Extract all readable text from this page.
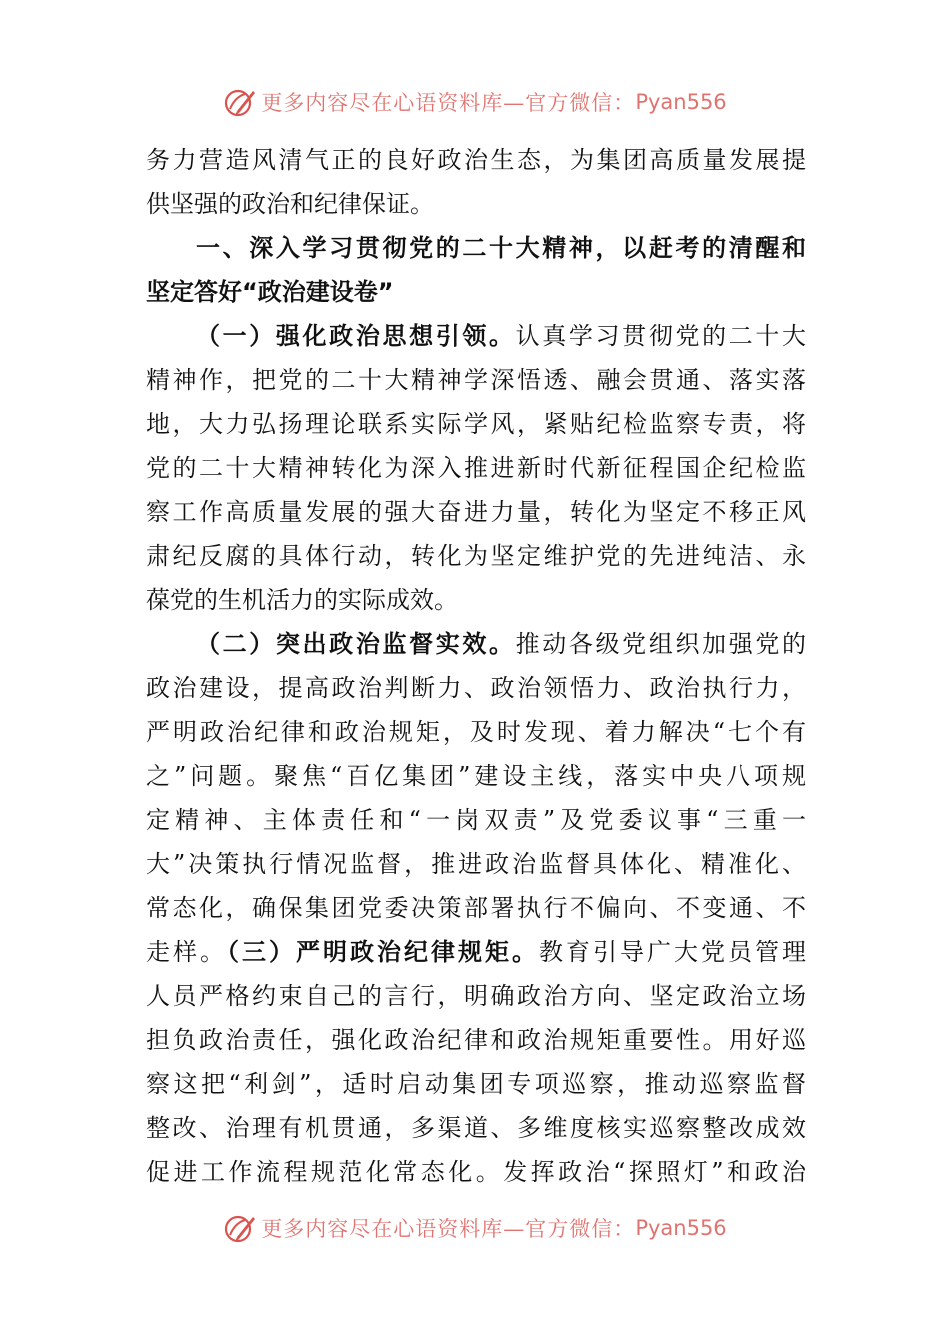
更多内容尽在心语资料库—官方微信： Pyan556
务力营造风清气正的良好政治生态，为集团高质量发展提
供坚强的政治和纪律保证。
一、深入学习贯彻党的二十大精神，以赶考的清醒和
坚定答好“政治建设卷”
（一）强化政治思想引领。认真学习贯彻党的二十大
精神作，把党的二十大精神学深悟透、融会贯通、落实落
地，大力弘扬理论联系实际学风，紧贴纪检监察专责，将
党的二十大精神转化为深入推进新时代新征程国企纪检监
察工作高质量发展的强大奋进力量，转化为坚定不移正风
肃纪反腐的具体行动，转化为坚定维护党的先进纯洁、永
葆党的生机活力的实际成效。
（二）突出政治监督实效。推动各级党组织加强党的
政治建设，提高政治判断力、政治领悟力、政治执行力，
严明政治纪律和政治规矩，及时发现、着力解决“七个有
之”问题。聚焦“百亿集团”建设主线，落实中央八项规
定精神、主体责任和“一岗双责”及党委议事“三重一
大”决策执行情况监督，推进政治监督具体化、精准化、
常态化，确保集团党委决策部署执行不偏向、不变通、不
走样。（三）严明政治纪律规矩。教育引导广大党员管理
人员严格约束自己的言行，明确政治方向、坚定政治立场
担负政治责任，强化政治纪律和政治规矩重要性。用好巡
察这把“利剑”，适时启动集团专项巡察，推动巡察监督
整改、治理有机贯通，多渠道、多维度核实巡察整改成效
促进工作流程规范化常态化。发挥政治“探照灯”和政治
更多内容尽在心语资料库—官方微信： Pyan556
